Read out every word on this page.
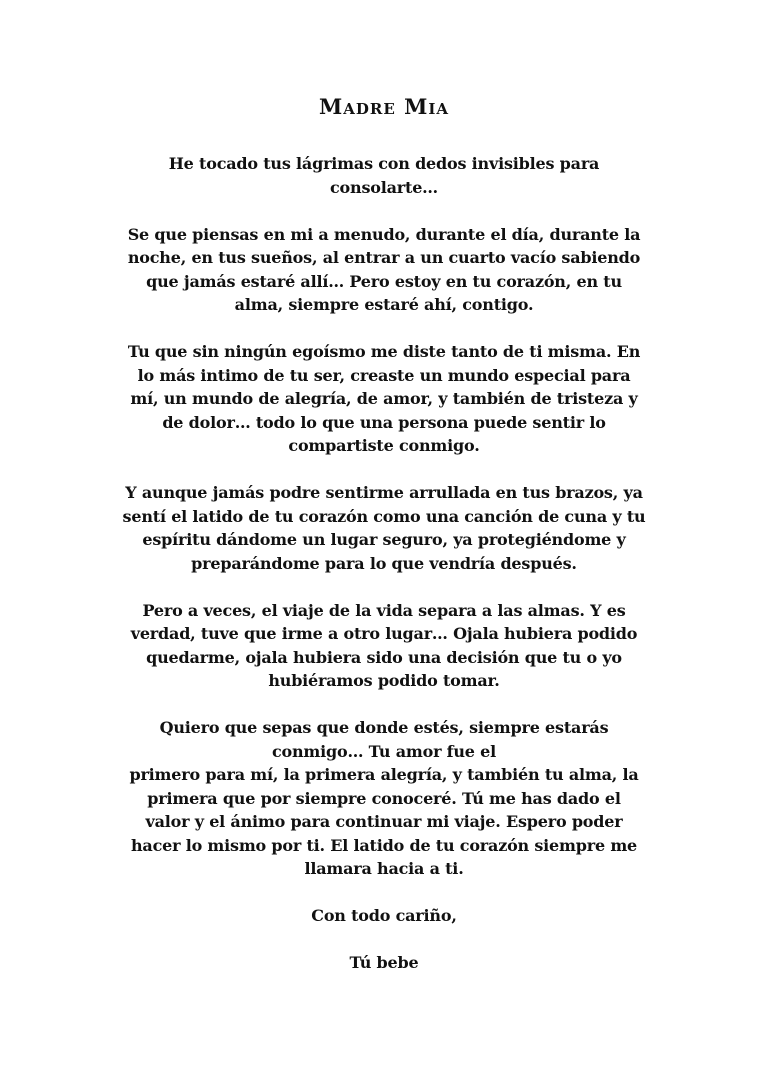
Madre Mia
He tocado tus lágrimas con dedos invisibles para
consolarte…
Se que piensas en mi a menudo, durante el día, durante la
noche, en tus sueños, al entrar a un cuarto vacío sabiendo
que jamás estaré allí… Pero estoy en tu corazón, en tu
alma, siempre estaré ahí, contigo.
Tu que sin ningún egoísmo me diste tanto de ti misma. En
lo más intimo de tu ser, creaste un mundo especial para
mí, un mundo de alegría, de amor, y también de tristeza y
de dolor… todo lo que una persona puede sentir lo
compartiste conmigo.
Y aunque jamás podre sentirme arrullada en tus brazos, ya
sentí el latido de tu corazón como una canción de cuna y tu
espíritu dándome un lugar seguro, ya protegiéndome y
preparándome para lo que vendría después.
Pero a veces, el viaje de la vida separa a las almas. Y es
verdad, tuve que irme a otro lugar… Ojala hubiera podido
quedarme, ojala hubiera sido una decisión que tu o yo
hubiéramos podido tomar.
Quiero que sepas que donde estés, siempre estarás
conmigo… Tu amor fue el
primero para mí, la primera alegría, y también tu alma, la
primera que por siempre conoceré. Tú me has dado el
valor y el ánimo para continuar mi viaje. Espero poder
hacer lo mismo por ti. El latido de tu corazón siempre me
llamara hacia a ti.
Con todo cariño,
Tú bebe
